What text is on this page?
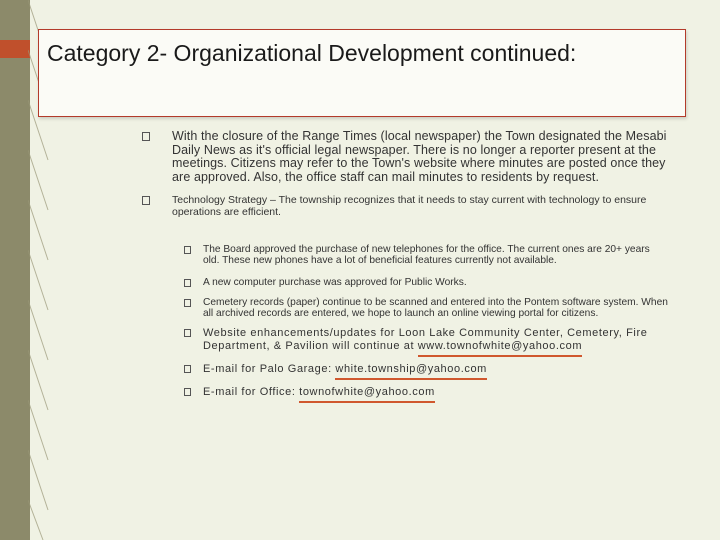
Category 2- Organizational Development continued:
With the closure of the Range Times (local newspaper) the Town designated the Mesabi Daily News as it's official legal newspaper. There is no longer a reporter present at the meetings. Citizens may refer to the Town's website where minutes are posted once they are approved. Also, the office staff can mail minutes to residents by request.
Technology Strategy – The township recognizes that it needs to stay current with technology to ensure operations are efficient.
The Board approved the purchase of new telephones for the office. The current ones are 20+ years old. These new phones have a lot of beneficial features currently not available.
A new computer purchase was approved for Public Works.
Cemetery records (paper) continue to be scanned and entered into the Pontem software system. When all archived records are entered, we hope to launch an online viewing portal for citizens.
Website enhancements/updates for Loon Lake Community Center, Cemetery, Fire Department, & Pavilion will continue at www.townofwhite@yahoo.com
E-mail for Palo Garage: white.township@yahoo.com
E-mail for Office: townofwhite@yahoo.com
